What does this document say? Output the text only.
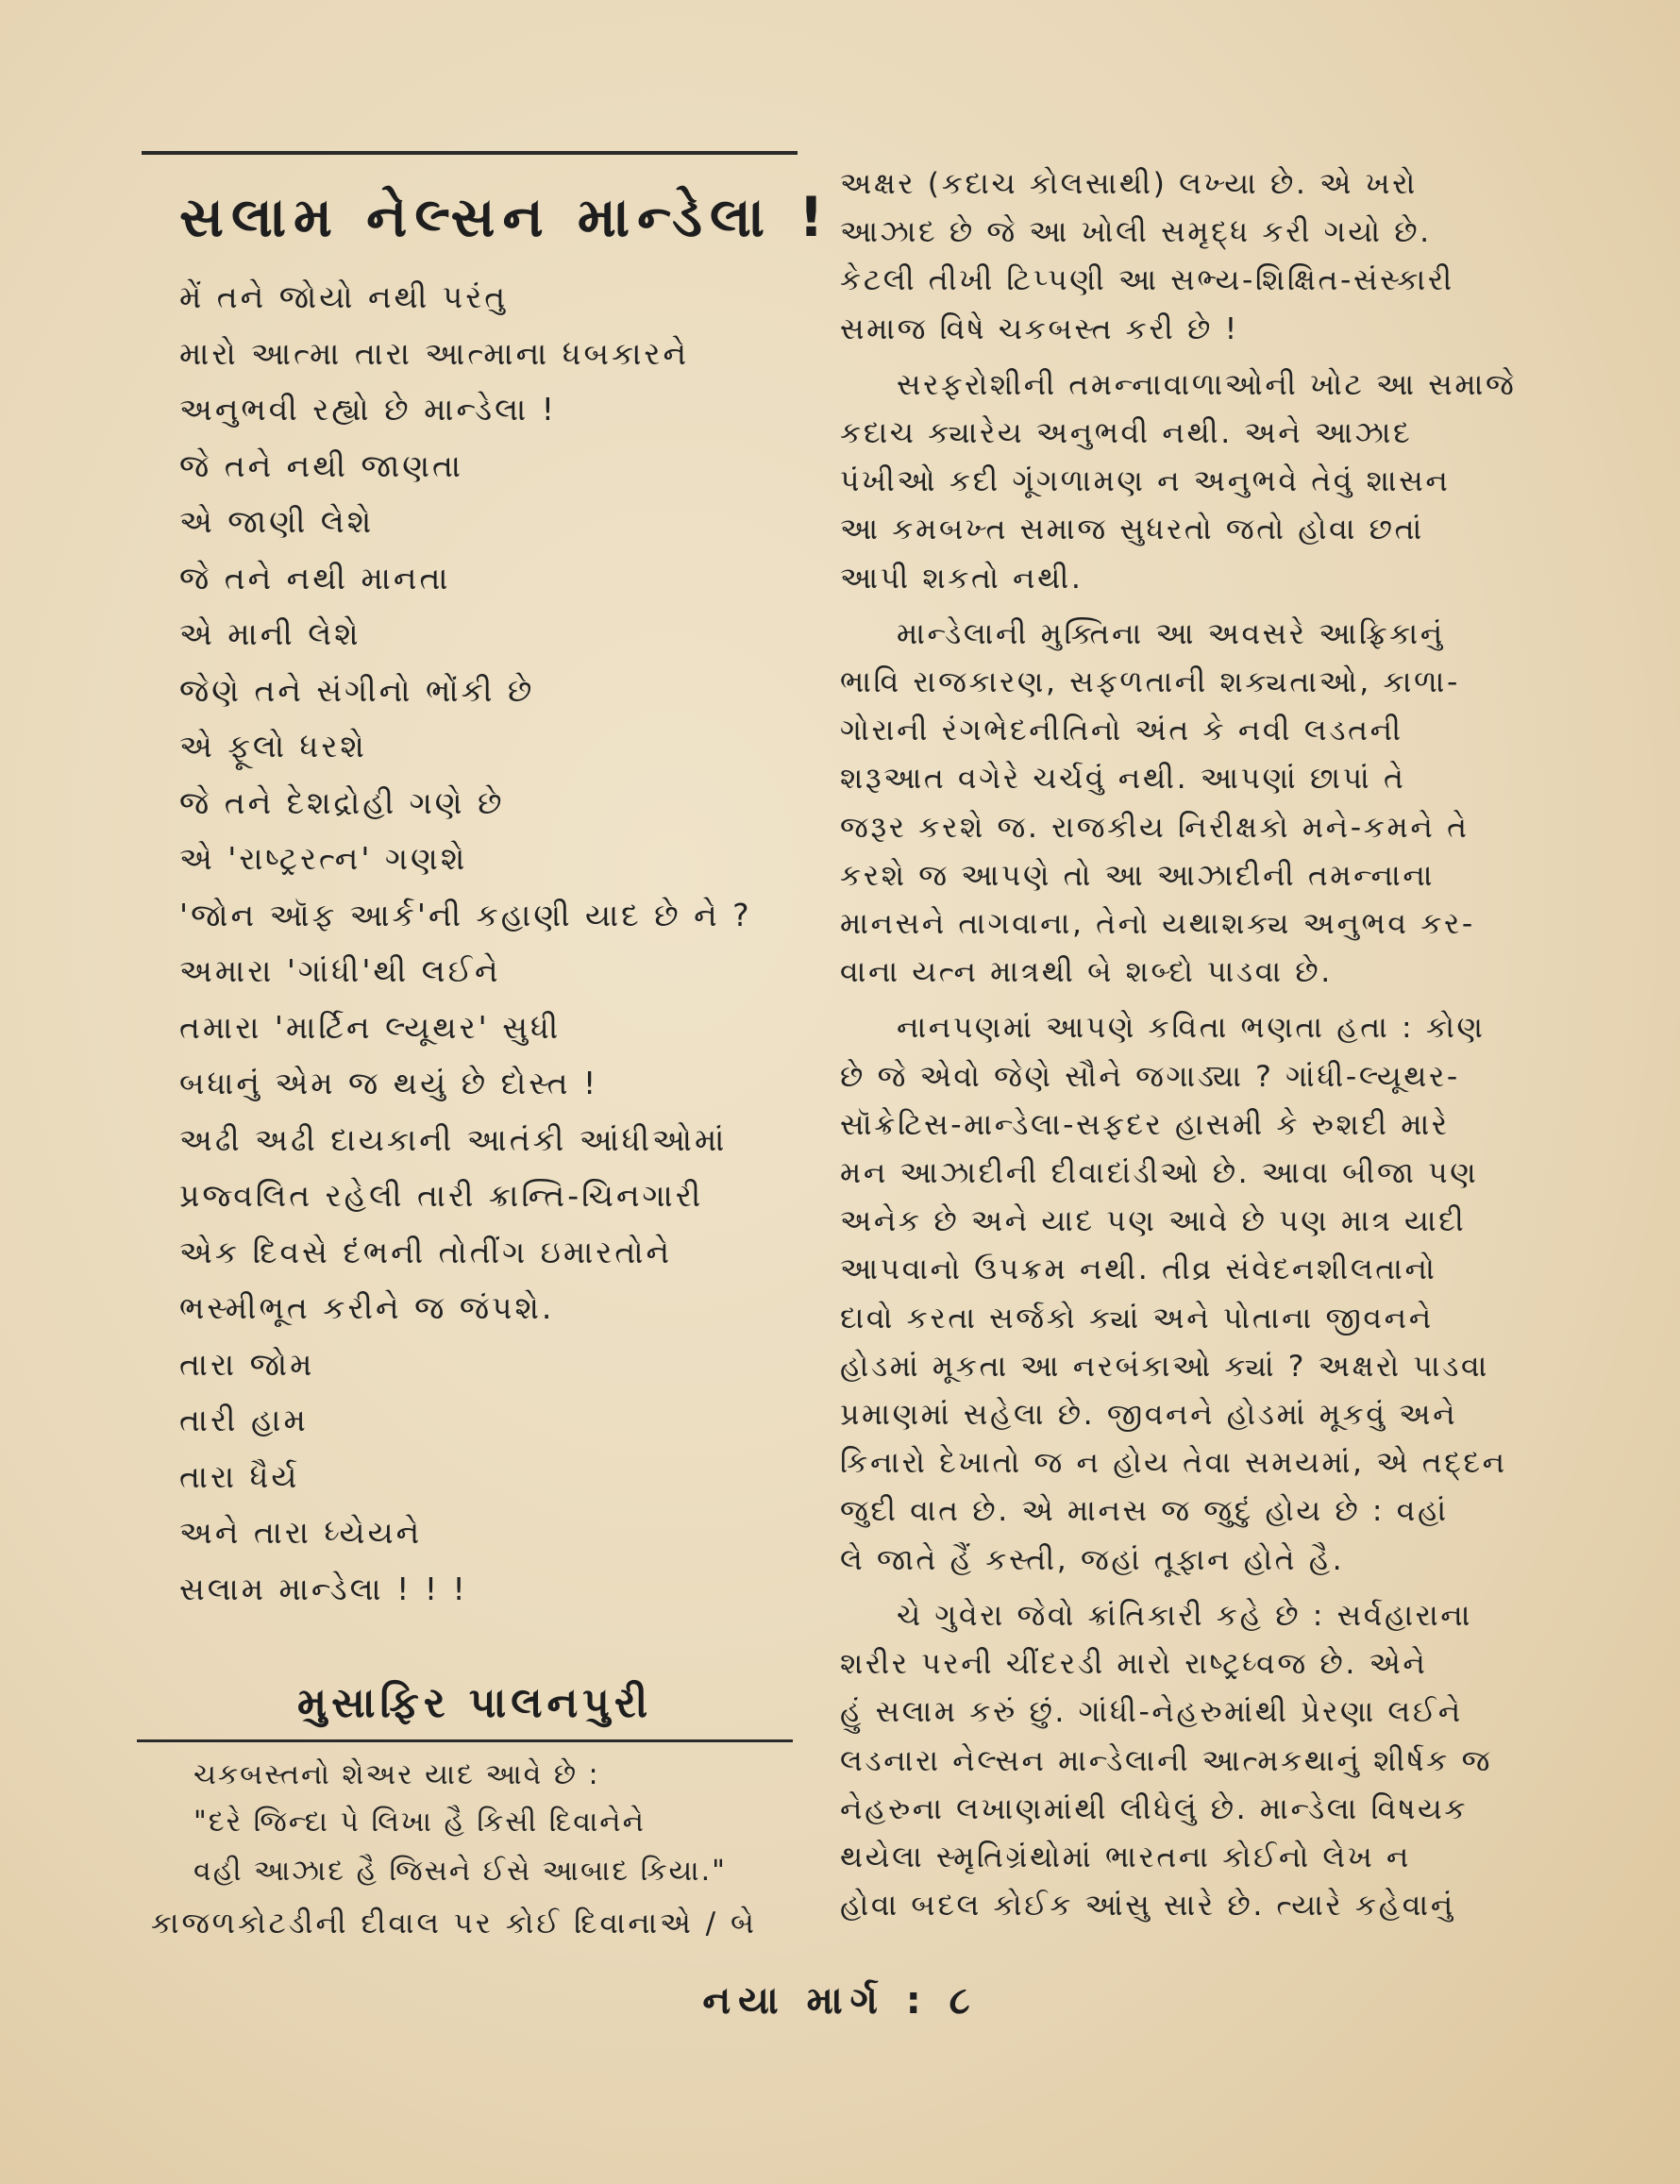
સલામ નેલ્સન માન્ડેલા !
મેં તને જોયો નથી પરંતુ
મારો આત્મા તારા આત્માના ધબકારને
અનુભવી રહ્યો છે માન્ડેલા !
જે તને નથી જાણતા
એ જાણી લેશે
જે તને નથી માનતા
એ માની લેશે
જેણે તને સંગીનો ભોંકી છે
એ ફૂલો ધરશે
જે તને દેશદ્રોહી ગણે છે
એ 'રાષ્ટ્રરત્ન' ગણશે
'જોન ઑફ આર્ક'ની કહાણી યાદ છે ને ?
અમારા 'ગાંધી'થી લઈને
તમારા 'માર્ટિન લ્યૂથર' સુધી
બધાનું એમ જ થયું છે દોસ્ત !
અઢી અઢી દાયકાની આતંકી આંધીઓમાં
પ્રજ્વલિત રહેલી તારી ક્રાન્તિ-ચિનગારી
એક દિવસે દંભની તોતીંગ ઇમારતોને
ભસ્મીભૂત કરીને જ જંપશે.
તારા જોમ
તારી હામ
તારા ધૈર્ય
અને તારા ધ્યેયને
સલામ માન્ડેલા ! ! !
મુસાફિર પાલનપુરી
ચકબસ્તનો શેઅર યાદ આવે છે :
"દરે જિન્દા પે લિખા હૈ કિસી દિવાનેને
વહી આઝાદ હૈ જિસને ઈસે આબાદ કિયા."
કાજળકોટડીની દીવાલ પર કોઈ દિવાનાએ / બે
અક્ષર (કદાચ કોલસાથી) લખ્યા છે. એ ખરો
આઝાદ છે જે આ ખોલી સમૃદ્ધ કરી ગયો છે.
કેટલી તીખી ટિપ્પણી આ સભ્ય-શિક્ષિત-સંસ્કારી
સમાજ વિષે ચકબસ્ત કરી છે !
સરફરોશીની તમન્નાવાળાઓની ખોટ આ સમાજે
કદાચ ક્યારેય અનુભવી નથી. અને આઝાદ
પંખીઓ કદી ગૂંગળામણ ન અનુભવે તેવું શાસન
આ કમબખ્ત સમાજ સુધરતો જતો હોવા છતાં
આપી શકતો નથી.
માન્ડેલાની મુક્તિના આ અવસરે આફ્રિકાનું
ભાવિ રાજકારણ, સફળતાની શક્યતાઓ, કાળા-
ગોરાની રંગભેદનીતિનો અંત કે નવી લડતની
શરૂઆત વગેરે ચર્ચવું નથી. આપણાં છાપાં તે
જરૂર કરશે જ. રાજકીય નિરીક્ષકો મને-કમને તે
કરશે જ આપણે તો આ આઝાદીની તમન્નાના
માનસને તાગવાના, તેનો યથાશક્ય અનુભવ કર-
વાના યત્ન માત્રથી બે શબ્દો પાડવા છે.
નાનપણમાં આપણે કવિતા ભણતા હતા : કોણ
છે જે એવો જેણે સૌને જગાડ્યા ? ગાંધી-લ્યૂથર-
સૉક્રેટિસ-માન્ડેલા-સફદર હાસમી કે રુશદી મારે
મન આઝાદીની દીવાદાંડીઓ છે. આવા બીજા પણ
અનેક છે અને યાદ પણ આવે છે પણ માત્ર યાદી
આપવાનો ઉપક્રમ નથી. તીવ્ર સંવેદનશીલતાનો
દાવો કરતા સર્જકો ક્યાં અને પોતાના જીવનને
હોડમાં મૂકતા આ નરબંકાઓ ક્યાં ? અક્ષરો પાડવા
પ્રમાણમાં સહેલા છે. જીવનને હોડમાં મૂકવું અને
કિનારો દેખાતો જ ન હોય તેવા સમયમાં, એ તદ્દન
જુદી વાત છે. એ માનસ જ જુદું હોય છે : વહાં
લે જાતે હૈં કસ્તી, જહાં તૂફાન હોતે હૈ.
ચે ગુવેરા જેવો ક્રાંતિકારી કહે છે : સર્વહારાના
શરીર પરની ચીંદરડી મારો રાષ્ટ્રધ્વજ છે. એને
હું સલામ કરું છું. ગાંધી-નેહરુમાંથી પ્રેરણા લઈને
લડનારા નેલ્સન માન્ડેલાની આત્મકથાનું શીર્ષક જ
નેહરુના લખાણમાંથી લીધેલું છે. માન્ડેલા વિષયક
થયેલા સ્મૃતિગ્રંથોમાં ભારતના કોઈનો લેખ ન
હોવા બદલ કોઈક આંસુ સારે છે. ત્યારે કહેવાનું
નયા માર્ગ : ૮
